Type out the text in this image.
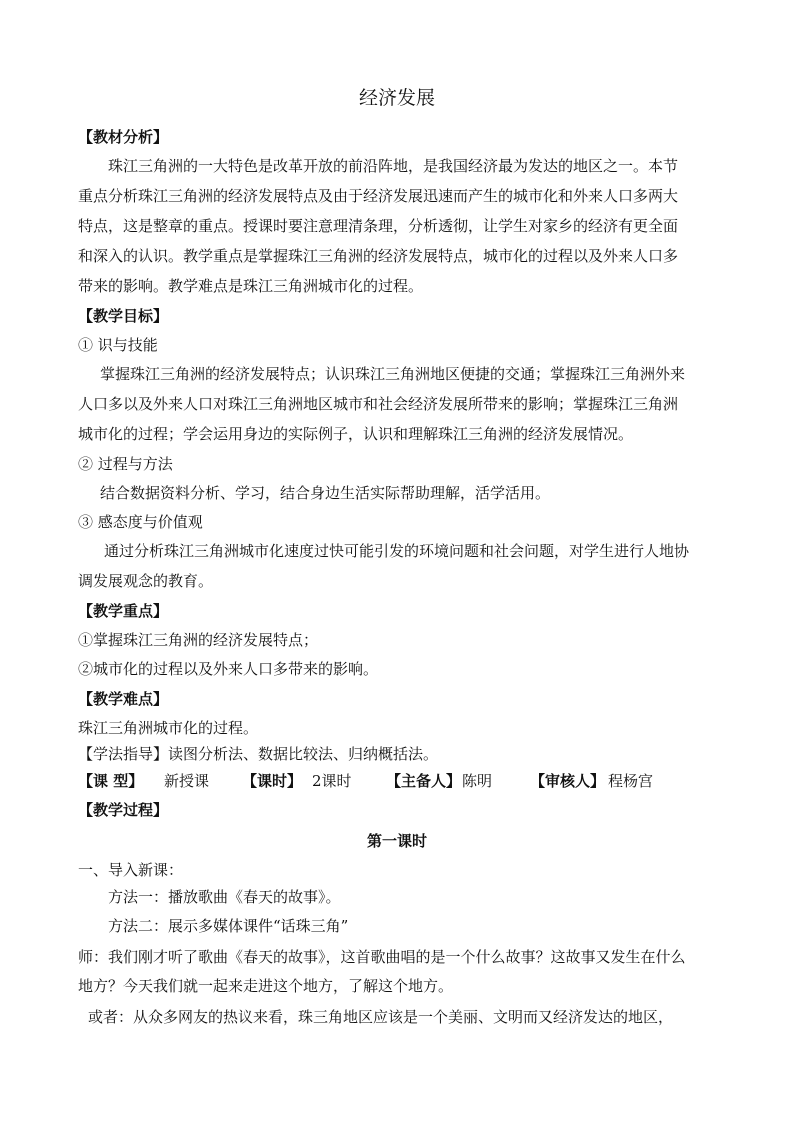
经济发展
【教材分析】
珠江三角洲的一大特色是改革开放的前沿阵地，是我国经济最为发达的地区之一。本节
重点分析珠江三角洲的经济发展特点及由于经济发展迅速而产生的城市化和外来人口多两大
特点，这是整章的重点。授课时要注意理清条理，分析透彻，让学生对家乡的经济有更全面
和深入的认识。教学重点是掌握珠江三角洲的经济发展特点，城市化的过程以及外来人口多
带来的影响。教学难点是珠江三角洲城市化的过程。
【教学目标】
① 识与技能
掌握珠江三角洲的经济发展特点；认识珠江三角洲地区便捷的交通；掌握珠江三角洲外来
人口多以及外来人口对珠江三角洲地区城市和社会经济发展所带来的影响；掌握珠江三角洲
城市化的过程；学会运用身边的实际例子，认识和理解珠江三角洲的经济发展情况。
② 过程与方法
结合数据资料分析、学习，结合身边生活实际帮助理解，活学活用。
③ 感态度与价值观
通过分析珠江三角洲城市化速度过快可能引发的环境问题和社会问题，对学生进行人地协
调发展观念的教育。
【教学重点】
①掌握珠江三角洲的经济发展特点；
②城市化的过程以及外来人口多带来的影响。
【教学难点】
珠江三角洲城市化的过程。
【学法指导】读图分析法、数据比较法、归纳概括法。
【课 型】 新授课 【课时】 2课时 【主备人】 陈明	【审核人】 程杨宫
【教学过程】
第一课时
一、导入新课：
方法一：播放歌曲《春天的故事》。
方法二：展示多媒体课件“话珠三角”
师：我们刚才听了歌曲《春天的故事》，这首歌曲唱的是一个什么故事？这故事又发生在什么
地方？今天我们就一起来走进这个地方，了解这个地方。
或者：从众多网友的热议来看，珠三角地区应该是一个美丽、文明而又经济发达的地区，
